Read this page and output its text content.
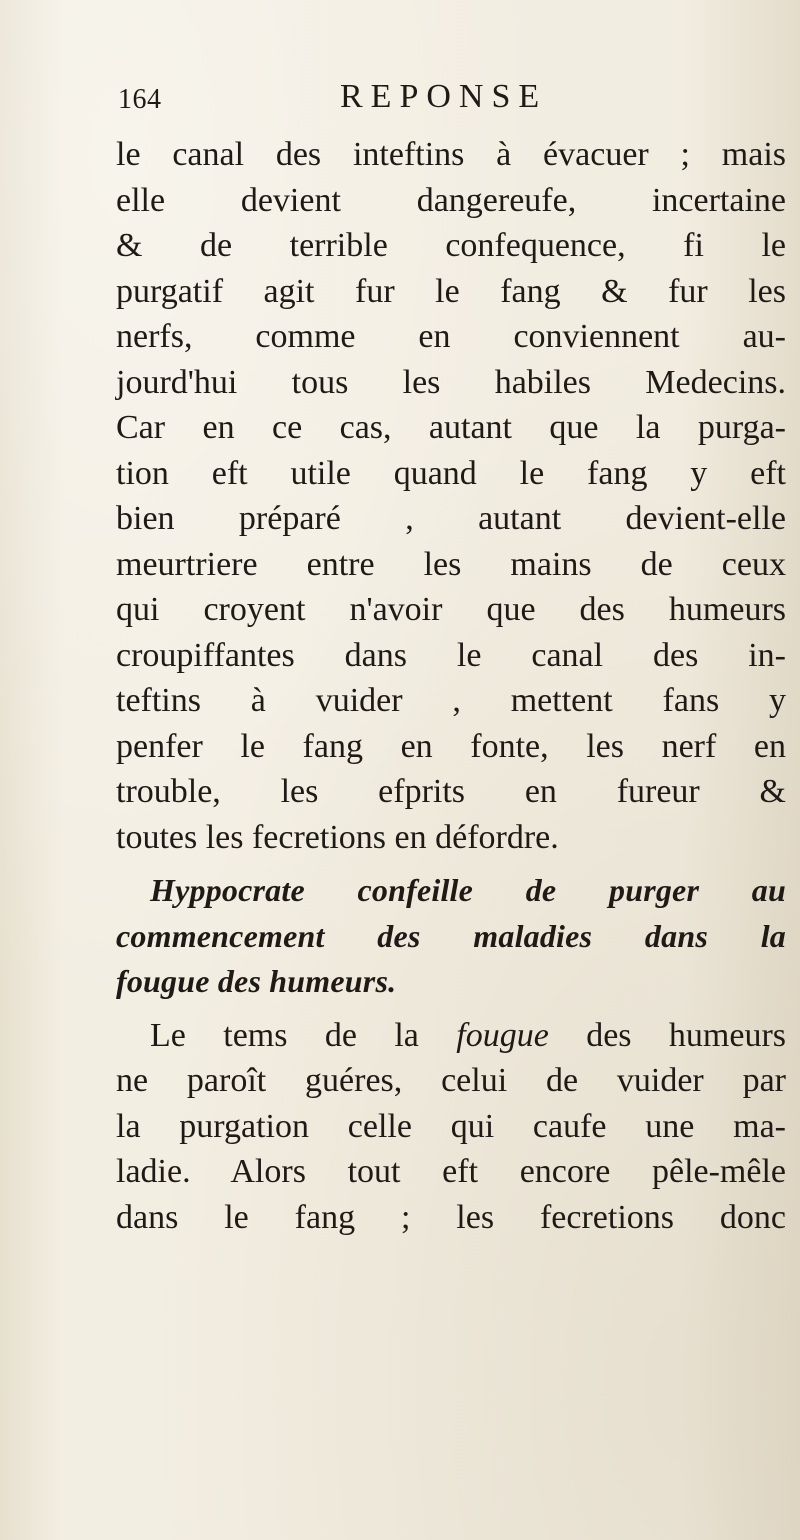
164	REPONSE
le canal des inteftins à évacuer ; mais
elle devient dangereufe, incertaine
& de terrible confequence, fi le
purgatif agit fur le fang & fur les
nerfs, comme en conviennent au-
jourd'hui tous les habiles Medecins.
Car en ce cas, autant que la purga-
tion eft utile quand le fang y eft
bien préparé , autant devient-elle
meurtriere entre les mains de ceux
qui croyent n'avoir que des humeurs
croupiffantes dans le canal des in-
teftins à vuider , mettent fans y
penfer le fang en fonte, les nerf en
trouble, les efprits en fureur &
toutes les fecretions en défordre.
Hyppocrate confeille de purger au
commencement des maladies dans la
fougue des humeurs.
Le tems de la fougue des humeurs
ne paroît guéres, celui de vuider par
la purgation celle qui caufe une ma-
ladie. Alors tout eft encore pêle-mêle
dans le fang ; les fecretions donc
